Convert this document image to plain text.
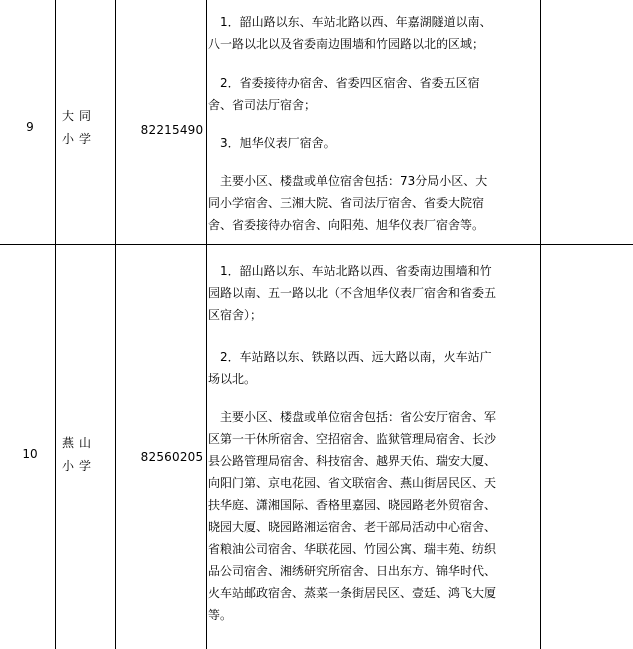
9
大同小学
82215490
　1．韶山路以东、车站北路以西、年嘉湖隧道以南、
八一路以北以及省委南边围墙和竹园路以北的区域；
　2．省委接待办宿舍、省委四区宿舍、省委五区宿
舍、省司法厅宿舍；
　3．旭华仪表厂宿舍。
　主要小区、楼盘或单位宿舍包括：73分局小区、大
同小学宿舍、三湘大院、省司法厅宿舍、省委大院宿
舍、省委接待办宿舍、向阳苑、旭华仪表厂宿舍等。
10
燕山小学
82560205
　1．韶山路以东、车站北路以西、省委南边围墙和竹
园路以南、五一路以北（不含旭华仪表厂宿舍和省委五
区宿舍）；
　2．车站路以东、铁路以西、远大路以南，火车站广
场以北。
　主要小区、楼盘或单位宿舍包括：省公安厅宿舍、军
区第一干休所宿舍、空招宿舍、监狱管理局宿舍、长沙
县公路管理局宿舍、科技宿舍、越界天佑、瑞安大厦、
向阳门第、京电花园、省文联宿舍、燕山街居民区、天
扶华庭、潇湘国际、香格里嘉园、晓园路老外贸宿舍、
晓园大厦、晓园路湘运宿舍、老干部局活动中心宿舍、
省粮油公司宿舍、华联花园、竹园公寓、瑞丰苑、纺织
品公司宿舍、湘绣研究所宿舍、日出东方、锦华时代、
火车站邮政宿舍、蒸菜一条街居民区、壹廷、鸿飞大厦
等。
